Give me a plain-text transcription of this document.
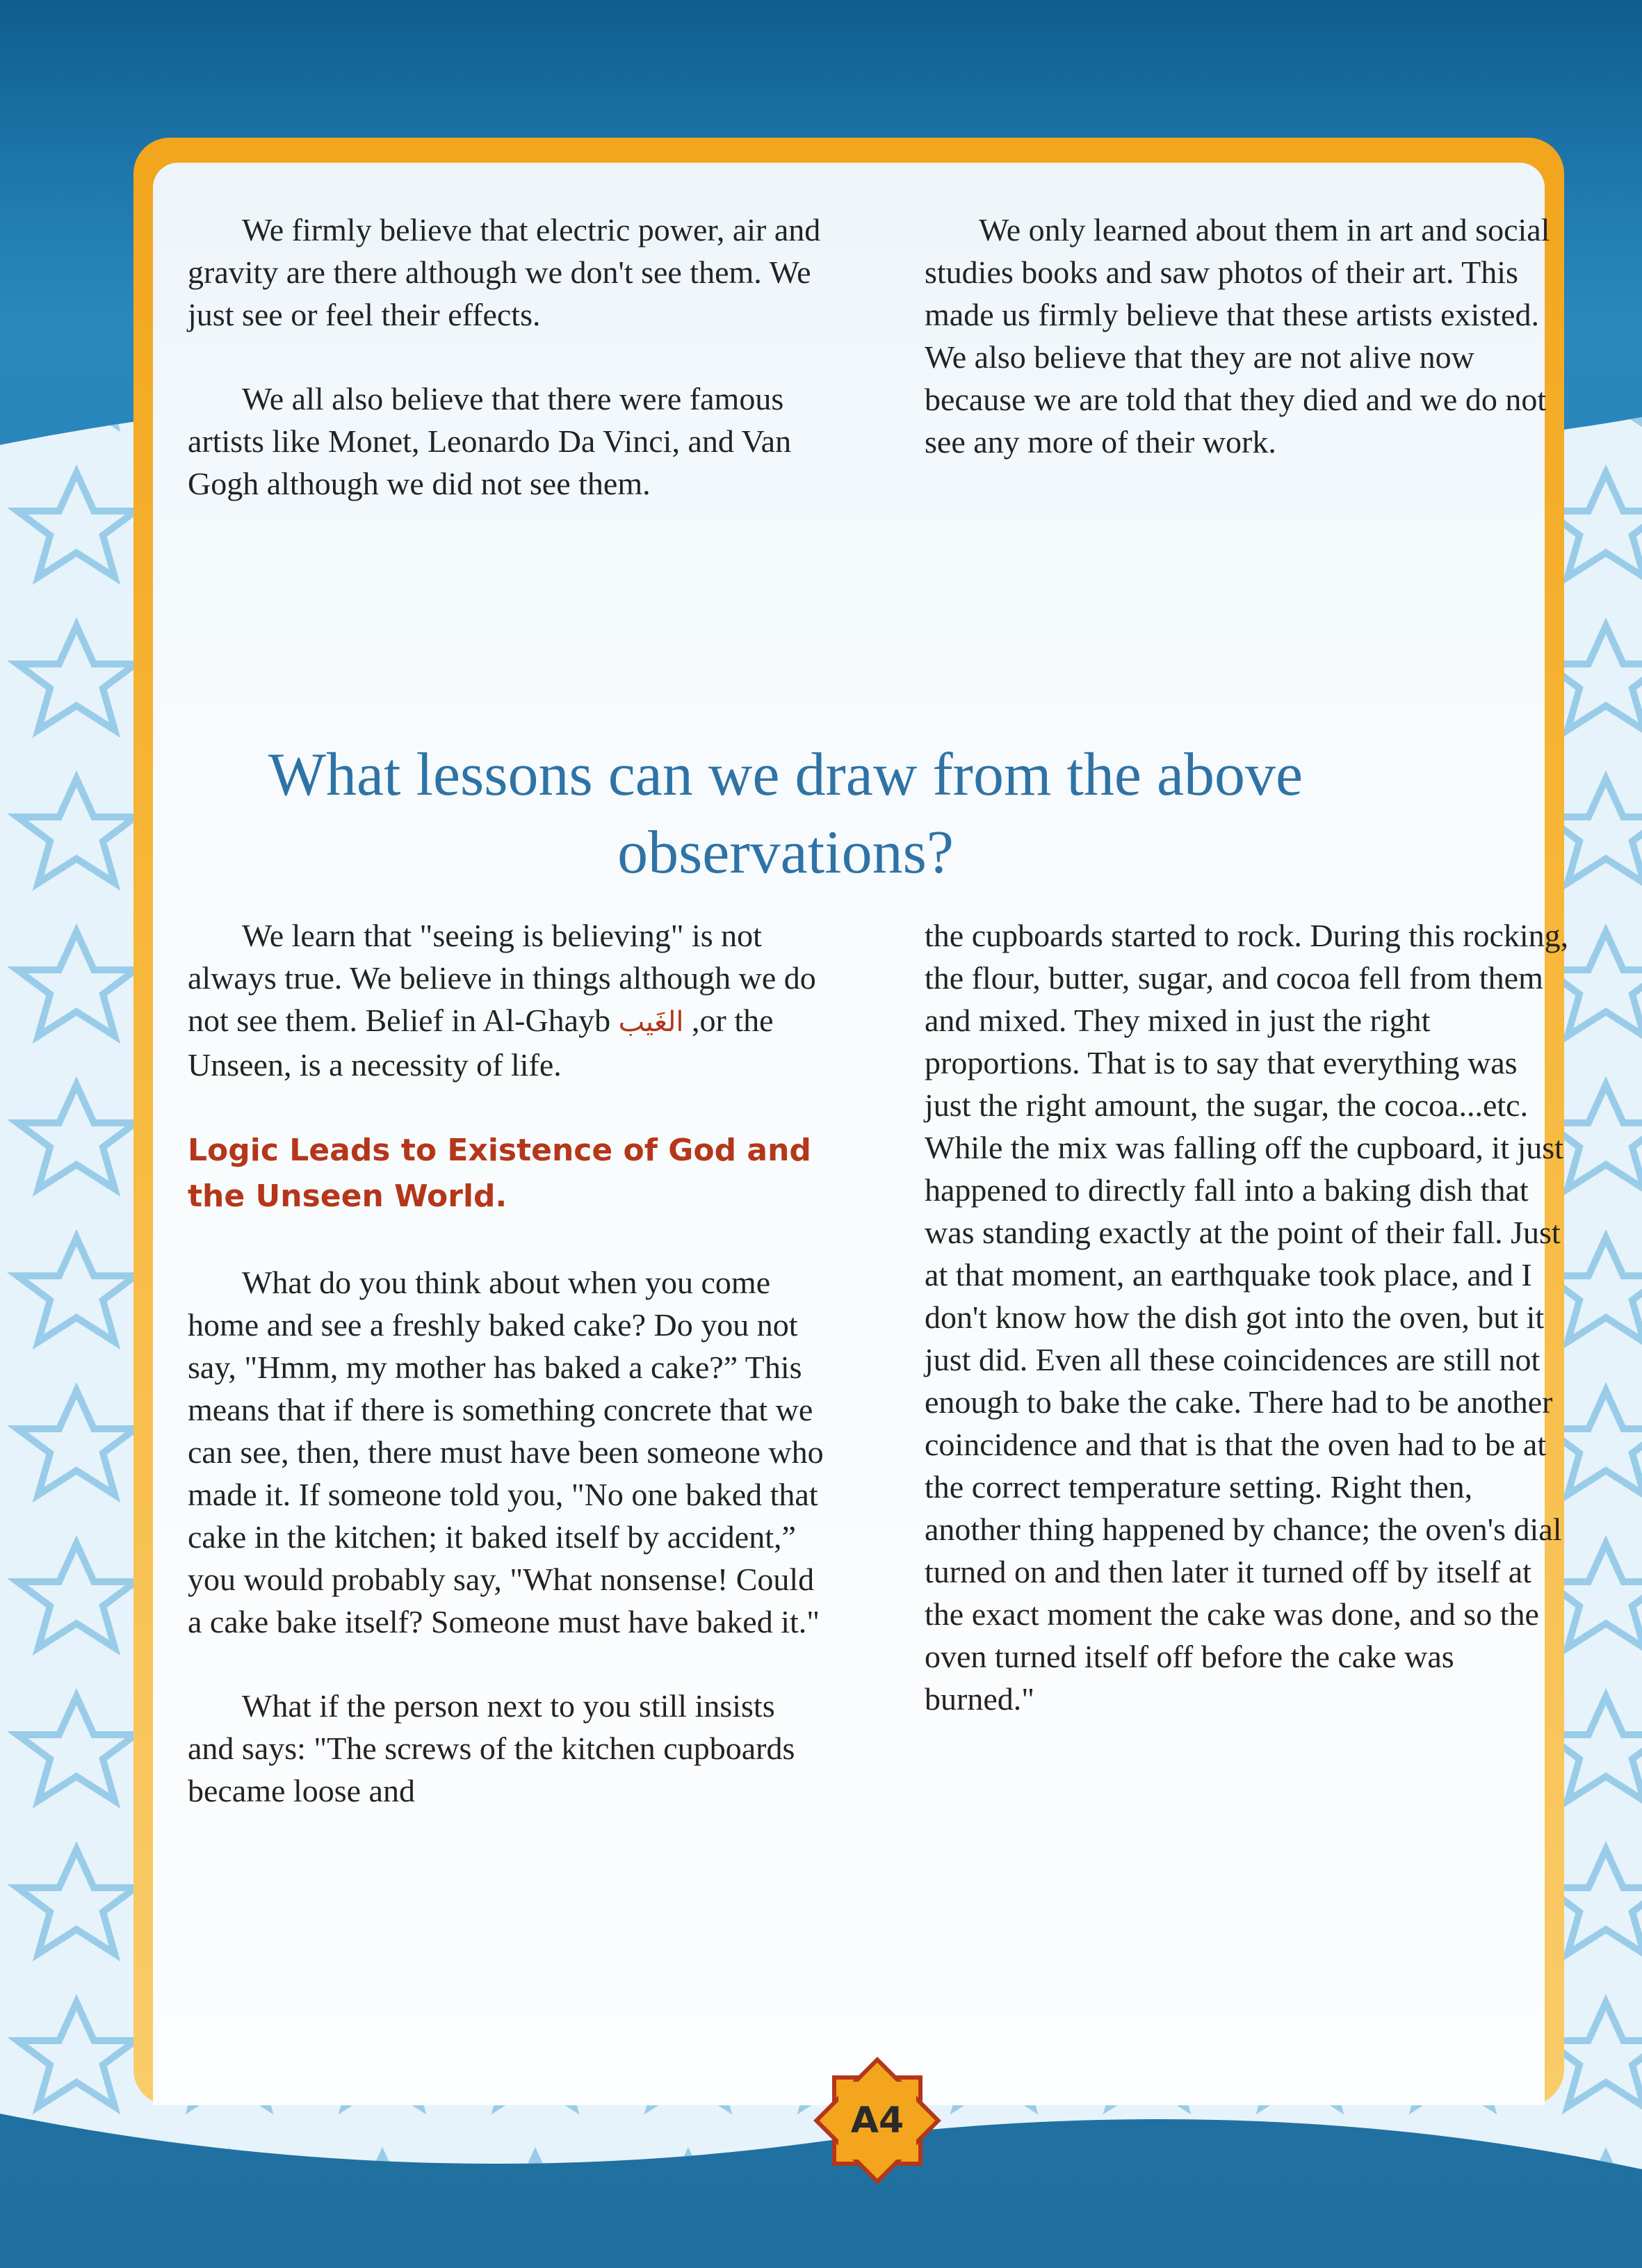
We firmly believe that electric power, air and gravity are there although we don't see them. We just see or feel their effects.

We all also believe that there were famous artists like Monet, Leonardo Da Vinci, and Van Gogh although we did not see them.

We only learned about them in art and social studies books and saw photos of their art. This made us firmly believe that these artists existed. We also believe that they are not alive now because we are told that they died and we do not see any more of their work.

What lessons can we draw from the above observations?

We learn that "seeing is believing" is not always true. We believe in things although we do not see them. Belief in Al-Ghayb الغَيب ,or the Unseen, is a necessity of life.

Logic Leads to Existence of God and the Unseen World.

What do you think about when you come home and see a freshly baked cake? Do you not say, "Hmm, my mother has baked a cake?” This means that if there is something concrete that we can see, then, there must have been someone who made it. If someone told you, "No one baked that cake in the kitchen; it baked itself by accident,” you would probably say, "What nonsense! Could a cake bake itself? Someone must have baked it."

What if the person next to you still insists and says: "The screws of the kitchen cupboards became loose and

the cupboards started to rock. During this rocking, the flour, butter, sugar, and cocoa fell from them and mixed. They mixed in just the right proportions. That is to say that everything was just the right amount, the sugar, the cocoa...etc. While the mix was falling off the cupboard, it just happened to directly fall into a baking dish that was standing exactly at the point of their fall. Just at that moment, an earthquake took place, and I don't know how the dish got into the oven, but it just did. Even all these coincidences are still not enough to bake the cake. There had to be another coincidence and that is that the oven had to be at the correct temperature setting. Right then, another thing happened by chance; the oven's dial turned on and then later it turned off by itself at the exact moment the cake was done, and so the oven turned itself off before the cake was burned."

A4
